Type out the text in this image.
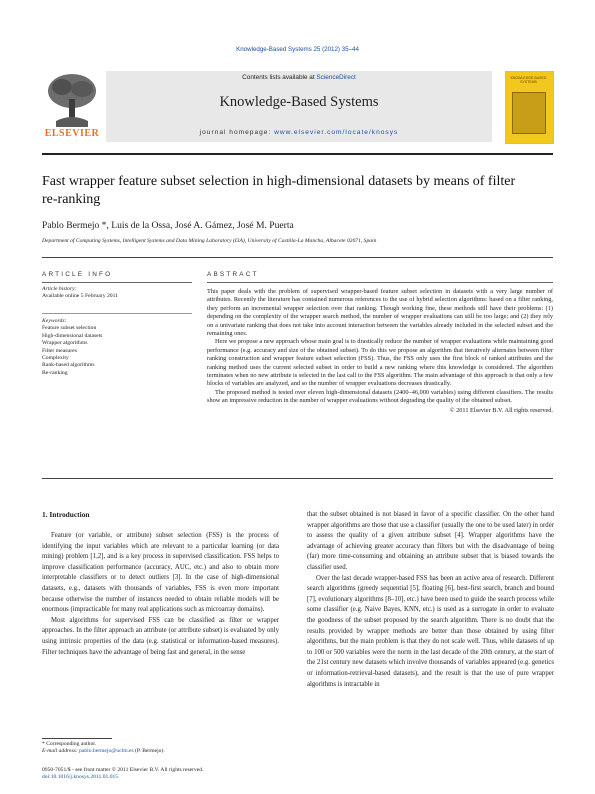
Knowledge-Based Systems 25 (2012) 35–44
ELSEVIER
Contents lists available at ScienceDirect
Knowledge-Based Systems
journal homepage: www.elsevier.com/locate/knosys
KNOWLEDGE-BASED SYSTEMS
Fast wrapper feature subset selection in high-dimensional datasets by means of filter re-ranking
Pablo Bermejo *, Luis de la Ossa, José A. Gámez, José M. Puerta
Department of Computing Systems, Intelligent Systems and Data Mining Laboratory (I3A), University of Castilla-La Mancha, Albacete 02071, Spain
ARTICLE INFO
Article history:
Available online 5 February 2011
Keywords:
Feature subset selection
High-dimensional datasets
Wrapper algorithms
Filter measures
Complexity
Rank-based algorithms
Re-ranking
ABSTRACT

This paper deals with the problem of supervised wrapper-based feature subset selection in datasets with a very large number of attributes. Recently the literature has contained numerous references to the use of hybrid selection algorithms: based on a filter ranking, they perform an incremental wrapper selection over that ranking. Though working fine, these methods still have their problems: (1) depending on the complexity of the wrapper search method, the number of wrapper evaluations can still be too large; and (2) they rely on a univariate ranking that does not take into account interaction between the variables already included in the selected subset and the remaining ones.

Here we propose a new approach whose main goal is to drastically reduce the number of wrapper evaluations while maintaining good performance (e.g. accuracy and size of the obtained subset). To do this we propose an algorithm that iteratively alternates between filter ranking construction and wrapper feature subset selection (FSS). Thus, the FSS only uses the first block of ranked attributes and the ranking method uses the current selected subset in order to build a new ranking where this knowledge is considered. The algorithm terminates when no new attribute is selected in the last call to the FSS algorithm. The main advantage of this approach is that only a few blocks of variables are analyzed, and so the number of wrapper evaluations decreases drastically.

The proposed method is tested over eleven high-dimensional datasets (2400–46,000 variables) using different classifiers. The results show an impressive reduction in the number of wrapper evaluations without degrading the quality of the obtained subset.

© 2011 Elsevier B.V. All rights reserved.

1. Introduction

Feature (or variable, or attribute) subset selection (FSS) is the process of identifying the input variables which are relevant to a particular learning (or data mining) problem [1,2], and is a key process in supervised classification. FSS helps to improve classification performance (accuracy, AUC, etc.) and also to obtain more interpretable classifiers or to detect outliers [3]. In the case of high-dimensional datasets, e.g., datasets with thousands of variables, FSS is even more important because otherwise the number of instances needed to obtain reliable models will be enormous (impracticable for many real applications such as microarray domains).

Most algorithms for supervised FSS can be classified as filter or wrapper approaches. In the filter approach an attribute (or attribute subset) is evaluated by only using intrinsic properties of the data (e.g. statistical or information-based measures). Filter techniques have the advantage of being fast and general, in the sense

that the subset obtained is not biased in favor of a specific classifier. On the other hand wrapper algorithms are those that use a classifier (usually the one to be used later) in order to assess the quality of a given attribute subset [4]. Wrapper algorithms have the advantage of achieving greater accuracy than filters but with the disadvantage of being (far) more time-consuming and obtaining an attribute subset that is biased towards the classifier used.

Over the last decade wrapper-based FSS has been an active area of research. Different search algorithms (greedy sequential [5], floating [6], best-first search, branch and bound [7], evolutionary algorithms [8–10], etc.) have been used to guide the search process while some classifier (e.g. Naive Bayes, KNN, etc.) is used as a surrogate in order to evaluate the goodness of the subset proposed by the search algorithm. There is no doubt that the results provided by wrapper methods are better than those obtained by using filter algorithms, but the main problem is that they do not scale well. Thus, while datasets of up to 100 or 500 variables were the norm in the last decade of the 20th century, at the start of the 21st century new datasets which involve thousands of variables appeared (e.g. genetics or information-retrieval-based datasets), and the result is that the use of pure wrapper algorithms is intractable in

* Corresponding author.
E-mail address: pablo.bermejo@uclm.es (P. Bermejo).
0950-7051/$ - see front matter © 2011 Elsevier B.V. All rights reserved.
doi:10.1016/j.knosys.2011.01.015
